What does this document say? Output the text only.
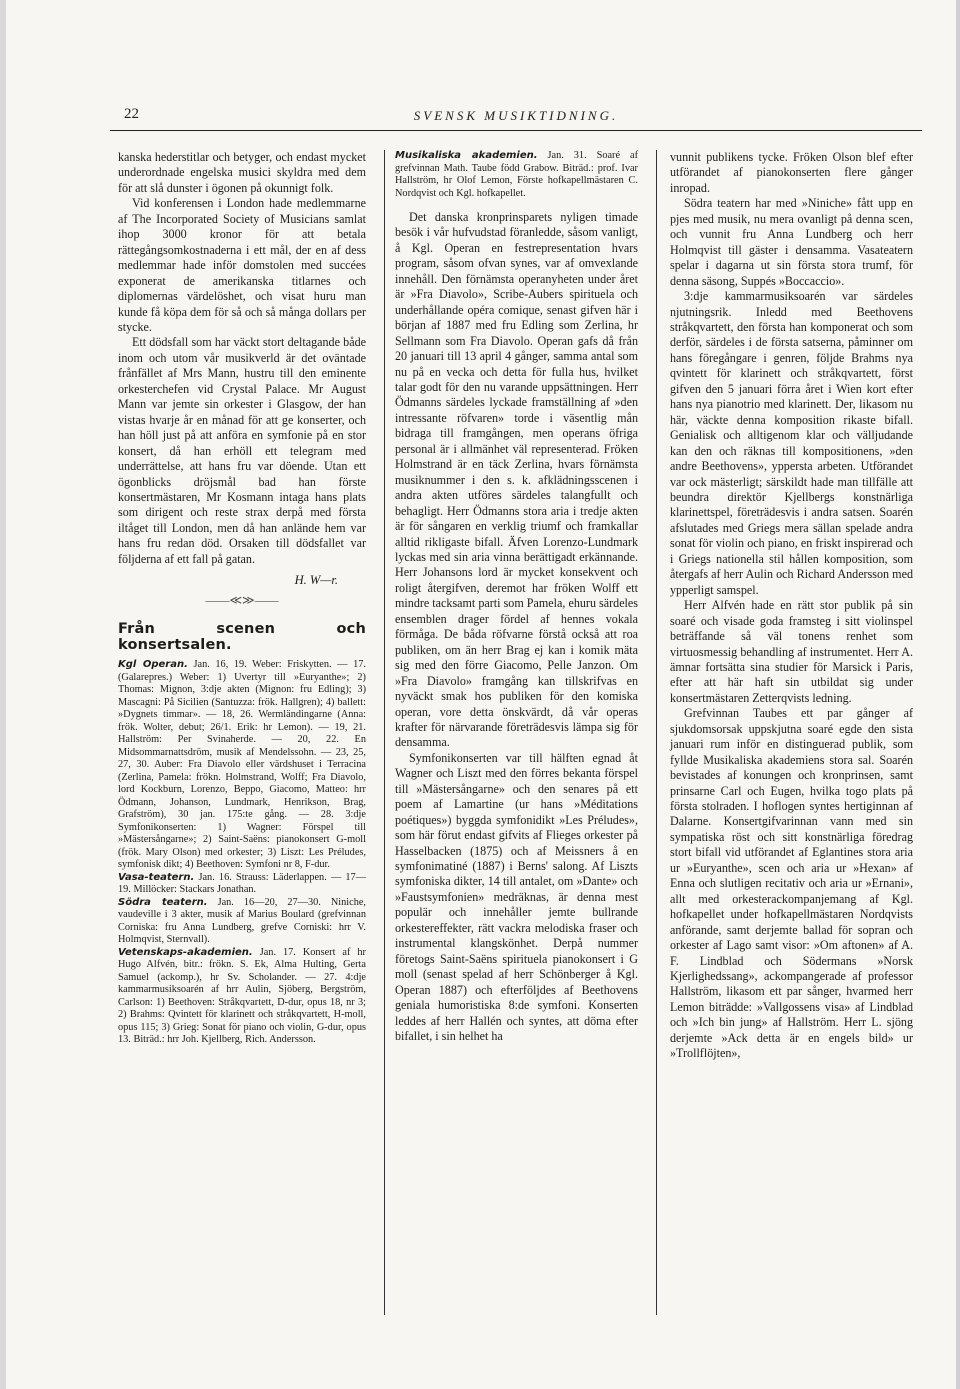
22	SVENSK MUSIKTIDNING.

kanska hederstitlar och betyger, och endast mycket underordnade engelska musici skyldra med dem för att slå dunster i ögonen på okunnigt folk.

Vid konferensen i London hade medlemmarne af The Incorporated Society of Musicians samlat ihop 3000 kronor för att betala rättegångsomkostnaderna i ett mål, der en af dess medlemmar hade inför domstolen med succées exponerat de amerikanska titlarnes och diplomernas värdelöshet, och visat huru man kunde få köpa dem för så och så många dollars per stycke.

Ett dödsfall som har väckt stort deltagande både inom och utom vår musikverld är det oväntade frånfället af Mrs Mann, hustru till den eminente orkesterchefen vid Crystal Palace. Mr August Mann var jemte sin orkester i Glasgow, der han vistas hvarje år en månad för att ge konserter, och han höll just på att anföra en symfonie på en stor konsert, då han erhöll ett telegram med underrättelse, att hans fru var döende. Utan ett ögonblicks dröjsmål bad han förste konsertmästaren, Mr Kosmann intaga hans plats som dirigent och reste strax derpå med första iltåget till London, men då han anlände hem var hans fru redan död. Orsaken till dödsfallet var följderna af ett fall på gatan.

H. W—r.
——≪≫——
Från scenen och konsertsalen.

Kgl Operan. Jan. 16, 19. Weber: Friskytten. — 17. (Galarepres.) Weber: 1) Uvertyr till »Euryanthe»; 2) Thomas: Mignon, 3:dje akten (Mignon: fru Edling); 3) Mascagni: På Sicilien (Santuzza: frök. Hallgren); 4) ballett: »Dygnets timmar». — 18, 26. Wermländingarne (Anna: frök. Wolter, debut; 26/1. Erik: hr Lemon). — 19, 21. Hallström: Per Svinaherde. — 20, 22. En Midsommarnattsdröm, musik af Mendelssohn. — 23, 25, 27, 30. Auber: Fra Diavolo eller värdshuset i Terracina (Zerlina, Pamela: frökn. Holmstrand, Wolff; Fra Diavolo, lord Kockburn, Lorenzo, Beppo, Giacomo, Matteo: hrr Ödmann, Johanson, Lundmark, Henrikson, Brag, Grafström), 30 jan. 175:te gång. — 28. 3:dje Symfonikonserten: 1) Wagner: Förspel till »Mästersångarne»; 2) Saint-Saëns: pianokonsert G-moll (frök. Mary Olson) med orkester; 3) Liszt: Les Préludes, symfonisk dikt; 4) Beethoven: Symfoni nr 8, F-dur.

Vasa-teatern. Jan. 16. Strauss: Läderlappen. — 17—19. Millöcker: Stackars Jonathan.

Södra teatern. Jan. 16—20, 27—30. Niniche, vaudeville i 3 akter, musik af Marius Boulard (grefvinnan Corniska: fru Anna Lundberg, grefve Corniski: hrr V. Holmqvist, Sternvall).

Vetenskaps-akademien. Jan. 17. Konsert af hr Hugo Alfvén, bitr.: frökn. S. Ek, Alma Hulting, Gerta Samuel (ackomp.), hr Sv. Scholander. — 27. 4:dje kammarmusiksoarén af hrr Aulin, Sjöberg, Bergström, Carlson: 1) Beethoven: Stråkqvartett, D-dur, opus 18, nr 3; 2) Brahms: Qvintett för klarinett och stråkqvartett, H-moll, opus 115; 3) Grieg: Sonat för piano och violin, G-dur, opus 13. Biträd.: hrr Joh. Kjellberg, Rich. Andersson.

Musikaliska akademien. Jan. 31. Soaré af grefvinnan Math. Taube född Grabow. Biträd.: prof. Ivar Hallström, hr Olof Lemon, Förste hofkapellmästaren C. Nordqvist och Kgl. hofkapellet.

Det danska kronprinsparets nyligen timade besök i vår hufvudstad föranledde, såsom vanligt, å Kgl. Operan en festrepresentation hvars program, såsom ofvan synes, var af omvexlande innehåll. Den förnämsta operanyheten under året är »Fra Diavolo», Scribe-Aubers spirituela och underhållande opéra comique, senast gifven här i början af 1887 med fru Edling som Zerlina, hr Sellmann som Fra Diavolo. Operan gafs då från 20 januari till 13 april 4 gånger, samma antal som nu på en vecka och detta för fulla hus, hvilket talar godt för den nu varande uppsättningen. Herr Ödmanns särdeles lyckade framställning af »den intressante röfvaren» torde i väsentlig mån bidraga till framgången, men operans öfriga personal är i allmänhet väl representerad. Fröken Holmstrand är en täck Zerlina, hvars förnämsta musiknummer i den s. k. afklädningsscenen i andra akten utföres särdeles talangfullt och behagligt. Herr Ödmanns stora aria i tredje akten är för sångaren en verklig triumf och framkallar alltid rikligaste bifall. Äfven Lorenzo-Lundmark lyckas med sin aria vinna berättigadt erkännande. Herr Johansons lord är mycket konsekvent och roligt återgifven, deremot har fröken Wolff ett mindre tacksamt parti som Pamela, ehuru särdeles ensemblen drager fördel af hennes vokala förmåga. De båda röfvarne förstå också att roa publiken, om än herr Brag ej kan i komik mäta sig med den förre Giacomo, Pelle Janzon. Om »Fra Diavolo» framgång kan tillskrifvas en nyväckt smak hos publiken för den komiska operan, vore detta önskvärdt, då vår operas krafter för närvarande företrädesvis lämpa sig för densamma.

Symfonikonserten var till hälften egnad åt Wagner och Liszt med den förres bekanta förspel till »Mästersångarne» och den senares på ett poem af Lamartine (ur hans »Méditations poétiques») byggda symfonidikt »Les Préludes», som här förut endast gifvits af Flieges orkester på Hasselbacken (1875) och af Meissners å en symfonimatiné (1887) i Berns' salong. Af Liszts symfoniska dikter, 14 till antalet, om »Dante» och »Faustsymfonien» medräknas, är denna mest populär och innehåller jemte bullrande orkestereffekter, rätt vackra melodiska fraser och instrumental klangskönhet. Derpå nummer företogs Saint-Saëns spirituela pianokonsert i G moll (senast spelad af herr Schönberger å Kgl. Operan 1887) och efterföljdes af Beethovens geniala humoristiska 8:de symfoni. Konserten leddes af herr Hallén och syntes, att döma efter bifallet, i sin helhet ha

vunnit publikens tycke. Fröken Olson blef efter utförandet af pianokonserten flere gånger inropad.

Södra teatern har med »Niniche» fått upp en pjes med musik, nu mera ovanligt på denna scen, och vunnit fru Anna Lundberg och herr Holmqvist till gäster i densamma. Vasateatern spelar i dagarna ut sin första stora trumf, för denna säsong, Suppés »Boccaccio».

3:dje kammarmusiksoarén var särdeles njutningsrik. Inledd med Beethovens stråkqvartett, den första han komponerat och som derför, särdeles i de första satserna, påminner om hans föregångare i genren, följde Brahms nya qvintett för klarinett och stråkqvartett, först gifven den 5 januari förra året i Wien kort efter hans nya pianotrio med klarinett. Der, likasom nu här, väckte denna komposition rikaste bifall. Genialisk och alltigenom klar och välljudande kan den och räknas till kompositionens, »den andre Beethovens», yppersta arbeten. Utförandet var ock mästerligt; särskildt hade man tillfälle att beundra direktör Kjellbergs konstnärliga klarinettspel, företrädesvis i andra satsen. Soarén afslutades med Griegs mera sällan spelade andra sonat för violin och piano, en friskt inspirerad och i Griegs nationella stil hållen komposition, som återgafs af herr Aulin och Richard Andersson med ypperligt samspel.

Herr Alfvén hade en rätt stor publik på sin soaré och visade goda framsteg i sitt violinspel beträffande så väl tonens renhet som virtuosmessig behandling af instrumentet. Herr A. ämnar fortsätta sina studier för Marsick i Paris, efter att här haft sin utbildat sig under konsertmästaren Zetterqvists ledning.

Grefvinnan Taubes ett par gånger af sjukdomsorsak uppskjutna soaré egde den sista januari rum inför en distinguerad publik, som fyllde Musikaliska akademiens stora sal. Soarén bevistades af konungen och kronprinsen, samt prinsarne Carl och Eugen, hvilka togo plats på första stolraden. I hoflogen syntes hertiginnan af Dalarne. Konsertgifvarinnan vann med sin sympatiska röst och sitt konstnärliga föredrag stort bifall vid utförandet af Eglantines stora aria ur »Euryanthe», scen och aria ur »Hexan» af Enna och slutligen recitativ och aria ur »Ernani», allt med orkesterackompanjemang af Kgl. hofkapellet under hofkapellmästaren Nordqvists anförande, samt derjemte ballad för sopran och orkester af Lago samt visor: »Om aftonen» af A. F. Lindblad och Södermans »Norsk Kjerlighedssang», ackompangerade af professor Hallström, likasom ett par sånger, hvarmed herr Lemon biträdde: »Vallgossens visa» af Lindblad och »Ich bin jung» af Hallström. Herr L. sjöng derjemte »Ack detta är en engels bild» ur »Trollflöjten»,
